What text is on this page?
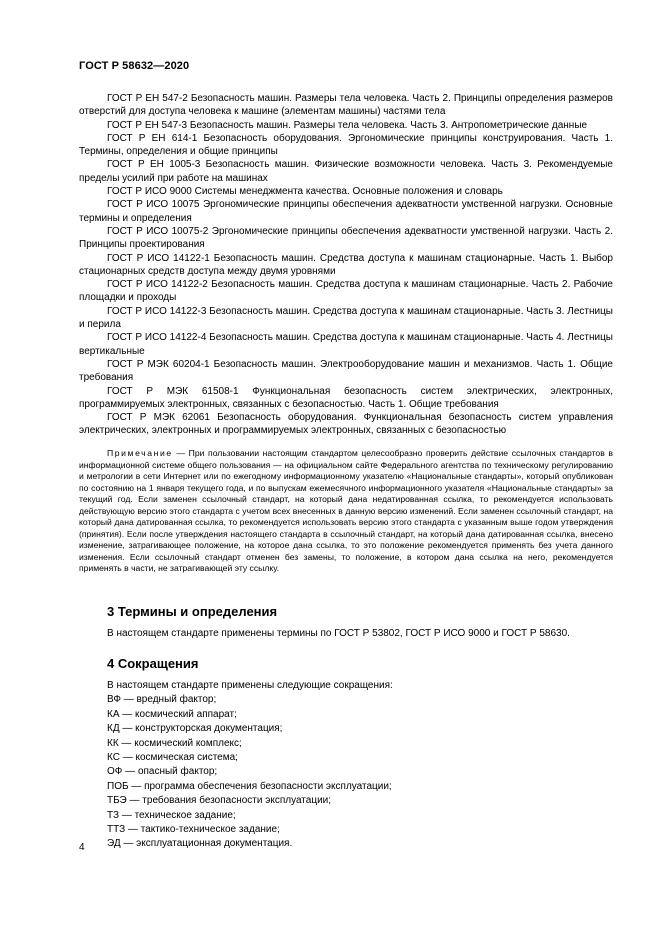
ГОСТ Р 58632—2020

ГОСТ Р ЕН 547-2 Безопасность машин. Размеры тела человека. Часть 2. Принципы определения размеров отверстий для доступа человека к машине (элементам машины) частями тела

ГОСТ Р ЕН 547-3 Безопасность машин. Размеры тела человека. Часть 3. Антропометрические данные

ГОСТ Р ЕН 614-1 Безопасность оборудования. Эргономические принципы конструирования. Часть 1. Термины, определения и общие принципы

ГОСТ Р ЕН 1005-3 Безопасность машин. Физические возможности человека. Часть 3. Рекомендуемые пределы усилий при работе на машинах

ГОСТ Р ИСО 9000 Системы менеджмента качества. Основные положения и словарь

ГОСТ Р ИСО 10075 Эргономические принципы обеспечения адекватности умственной нагрузки. Основные термины и определения

ГОСТ Р ИСО 10075-2 Эргономические принципы обеспечения адекватности умственной нагрузки. Часть 2. Принципы проектирования

ГОСТ Р ИСО 14122-1 Безопасность машин. Средства доступа к машинам стационарные. Часть 1. Выбор стационарных средств доступа между двумя уровнями

ГОСТ Р ИСО 14122-2 Безопасность машин. Средства доступа к машинам стационарные. Часть 2. Рабочие площадки и проходы

ГОСТ Р ИСО 14122-3 Безопасность машин. Средства доступа к машинам стационарные. Часть 3. Лестницы и перила

ГОСТ Р ИСО 14122-4 Безопасность машин. Средства доступа к машинам стационарные. Часть 4. Лестницы вертикальные

ГОСТ Р МЭК 60204-1 Безопасность машин. Электрооборудование машин и механизмов. Часть 1. Общие требования

ГОСТ Р МЭК 61508-1 Функциональная безопасность систем электрических, электронных, программируемых электронных, связанных с безопасностью. Часть 1. Общие требования

ГОСТ Р МЭК 62061 Безопасность оборудования. Функциональная безопасность систем управления электрических, электронных и программируемых электронных, связанных с безопасностью

Примечание — При пользовании настоящим стандартом целесообразно проверить действие ссылочных стандартов в информационной системе общего пользования — на официальном сайте Федерального агентства по техническому регулированию и метрологии в сети Интернет или по ежегодному информационному указателю «Национальные стандарты», который опубликован по состоянию на 1 января текущего года, и по выпускам ежемесячного информационного указателя «Национальные стандарты» за текущий год. Если заменен ссылочный стандарт, на который дана недатированная ссылка, то рекомендуется использовать действующую версию этого стандарта с учетом всех внесенных в данную версию изменений. Если заменен ссылочный стандарт, на который дана датированная ссылка, то рекомендуется использовать версию этого стандарта с указанным выше годом утверждения (принятия). Если после утверждения настоящего стандарта в ссылочный стандарт, на который дана датированная ссылка, внесено изменение, затрагивающее положение, на которое дана ссылка, то это положение рекомендуется применять без учета данного изменения. Если ссылочный стандарт отменен без замены, то положение, в котором дана ссылка на него, рекомендуется применять в части, не затрагивающей эту ссылку.

3 Термины и определения
В настоящем стандарте применены термины по ГОСТ Р 53802, ГОСТ Р ИСО 9000 и ГОСТ Р 58630.
4 Сокращения
В настоящем стандарте применены следующие сокращения:
ВФ — вредный фактор;
КА — космический аппарат;
КД — конструкторская документация;
КК — космический комплекс;
КС — космическая система;
ОФ — опасный фактор;
ПОБ — программа обеспечения безопасности эксплуатации;
ТБЭ — требования безопасности эксплуатации;
ТЗ — техническое задание;
ТТЗ — тактико-техническое задание;
ЭД — эксплуатационная документация.
4
